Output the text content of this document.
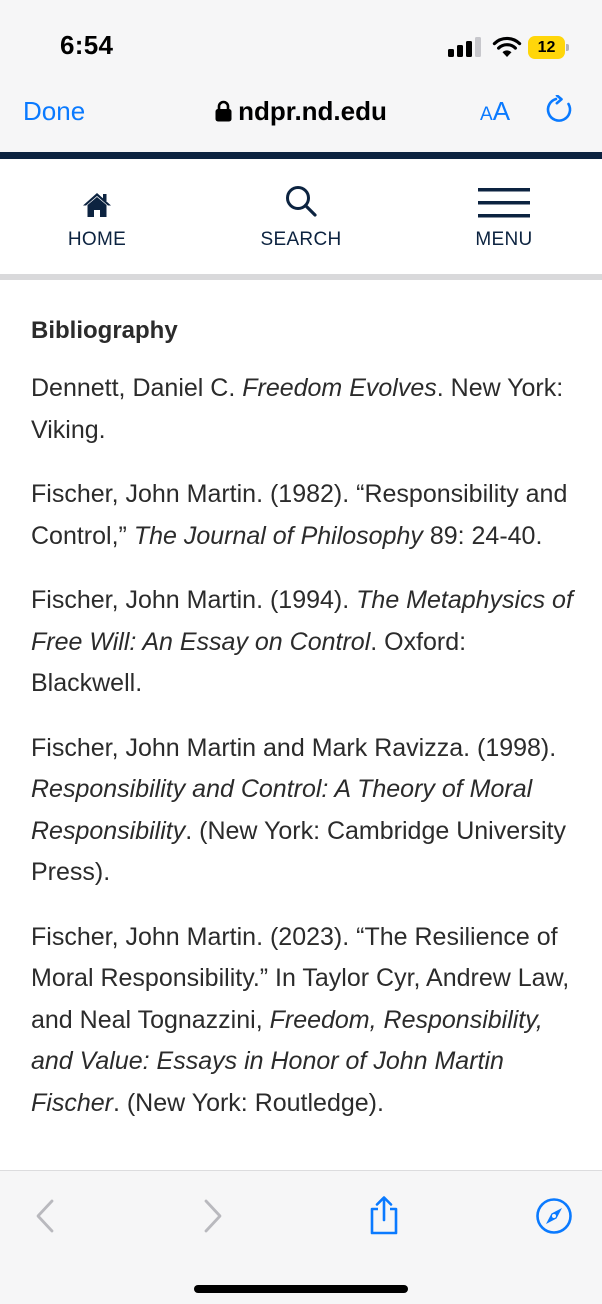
6:54	12
Done	ndpr.nd.edu	AA
HOME	SEARCH	MENU
Bibliography

Dennett, Daniel C. Freedom Evolves. New York: Viking.

Fischer, John Martin. (1982). “Responsibility and Control,” The Journal of Philosophy 89: 24-40.

Fischer, John Martin. (1994). The Metaphysics of Free Will: An Essay on Control. Oxford: Blackwell.

Fischer, John Martin and Mark Ravizza. (1998). Responsibility and Control: A Theory of Moral Responsibility. (New York: Cambridge University Press).

Fischer, John Martin. (2023). “The Resilience of Moral Responsibility.” In Taylor Cyr, Andrew Law, and Neal Tognazzini, Freedom, Responsibility, and Value: Essays in Honor of John Martin Fischer. (New York: Routledge).
